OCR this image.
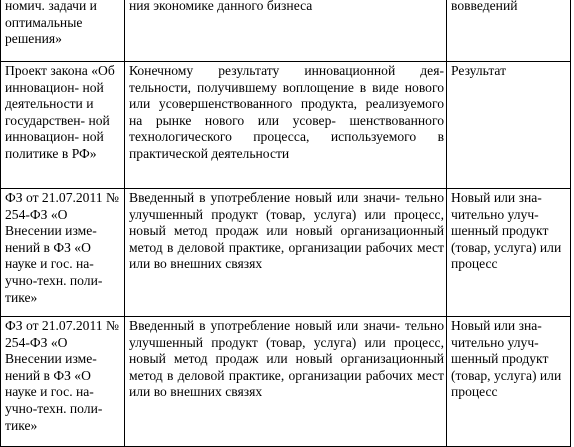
номич. задачи и оптимальные решения»	ния экономике данного бизнеса	вовведений

Проект закона «Об инновацион- ной деятельности и государствен- ной инновацион- ной политике в РФ»	Конечному результату инновационной дея- тельности, получившему воплощение в виде нового или усовершенствованного продукта, реализуемого на рынке нового или усовер- шенствованного технологического процесса, используемого в практической деятельности	Результат

ФЗ от 21.07.2011 № 254-ФЗ «О Внесении изме- нений в ФЗ «О науке и гос. на- учно-техн. поли- тике»	Введенный в употребление новый или значи- тельно улучшенный продукт (товар, услуга) или процесс, новый метод продаж или новый организационный метод в деловой практике, организации рабочих мест или во внешних связях	Новый или зна- чительно улуч- шенный продукт (товар, услуга) или процесс

ФЗ от 21.07.2011 № 254-ФЗ «О Внесении изме- нений в ФЗ «О науке и гос. на- учно-техн. поли- тике»	Введенный в употребление новый или значи- тельно улучшенный продукт (товар, услуга) или процесс, новый метод продаж или новый организационный метод в деловой практике, организации рабочих мест или во внешних связях	Новый или зна- чительно улуч- шенный продукт (товар, услуга) или процесс
